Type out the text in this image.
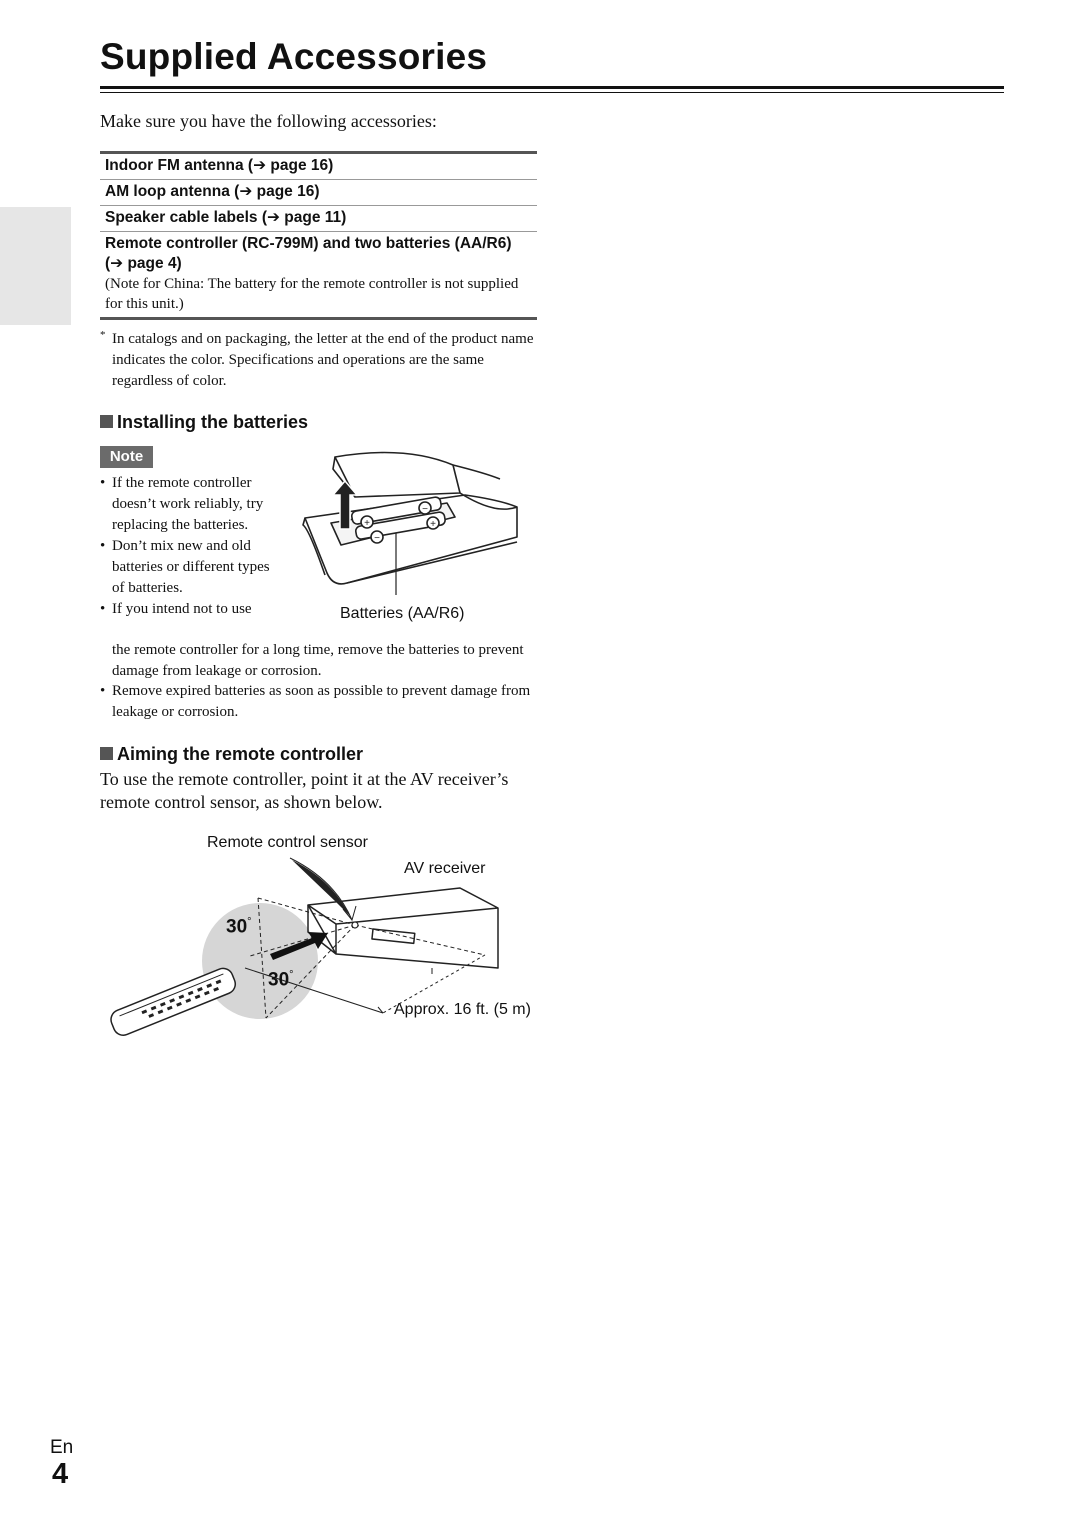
Supplied Accessories

Make sure you have the following accessories:

Indoor FM antenna (➔ page 16)
AM loop antenna (➔ page 16)
Speaker cable labels (➔ page 11)
Remote controller (RC-799M) and two batteries (AA/R6) (➔ page 4)
(Note for China: The battery for the remote controller is not supplied for this unit.)
* In catalogs and on packaging, the letter at the end of the product name indicates the color. Specifications and operations are the same regardless of color.
Installing the batteries
Note
• If the remote controller doesn’t work reliably, try replacing the batteries.
• Don’t mix new and old batteries or different types of batteries.
• If you intend not to use
the remote controller for a long time, remove the batteries to prevent damage from leakage or corrosion.
• Remove expired batteries as soon as possible to prevent damage from leakage or corrosion.
+
−
−
+
Batteries (AA/R6)
Aiming the remote controller

To use the remote controller, point it at the AV receiver’s remote control sensor, as shown below.

Remote control sensor
AV receiver
Approx. 16 ft. (5 m)
30°
30°
En
4
